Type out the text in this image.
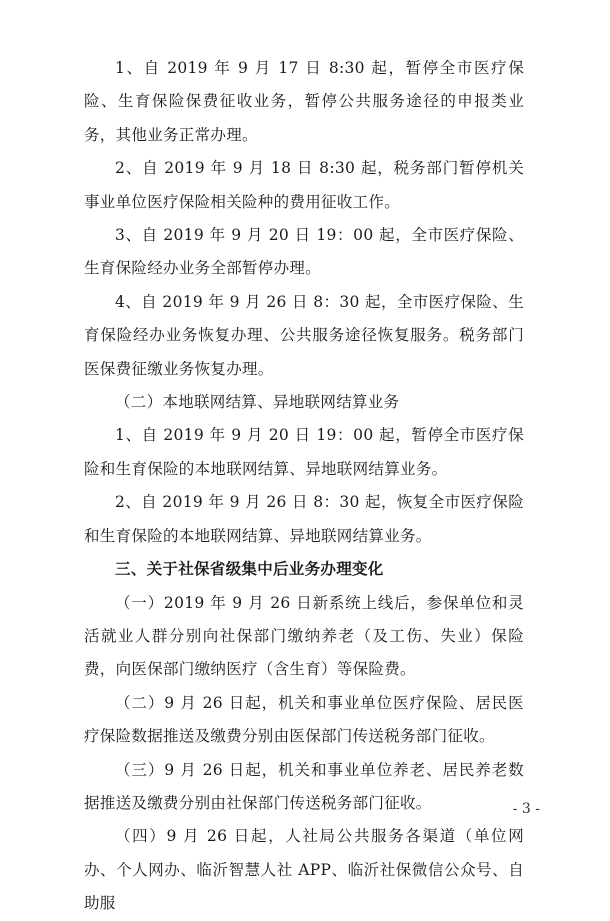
1、自 2019 年 9 月 17 日 8:30 起，暂停全市医疗保险、生育保险保费征收业务，暂停公共服务途径的申报类业务，其他业务正常办理。

2、自 2019 年 9 月 18 日 8:30 起，税务部门暂停机关事业单位医疗保险相关险种的费用征收工作。

3、自 2019 年 9 月 20 日 19：00 起，全市医疗保险、生育保险经办业务全部暂停办理。

4、自 2019 年 9 月 26 日 8：30 起，全市医疗保险、生育保险经办业务恢复办理、公共服务途径恢复服务。税务部门医保费征缴业务恢复办理。

（二）本地联网结算、异地联网结算业务

1、自 2019 年 9 月 20 日 19：00 起，暂停全市医疗保险和生育保险的本地联网结算、异地联网结算业务。

2、自 2019 年 9 月 26 日 8：30 起，恢复全市医疗保险和生育保险的本地联网结算、异地联网结算业务。

三、关于社保省级集中后业务办理变化

（一）2019 年 9 月 26 日新系统上线后，参保单位和灵活就业人群分别向社保部门缴纳养老（及工伤、失业）保险费，向医保部门缴纳医疗（含生育）等保险费。

（二）9 月 26 日起，机关和事业单位医疗保险、居民医疗保险数据推送及缴费分别由医保部门传送税务部门征收。

（三）9 月 26 日起，机关和事业单位养老、居民养老数据推送及缴费分别由社保部门传送税务部门征收。

（四）9 月 26 日起，人社局公共服务各渠道（单位网办、个人网办、临沂智慧人社 APP、临沂社保微信公众号、自助服

- 3 -
